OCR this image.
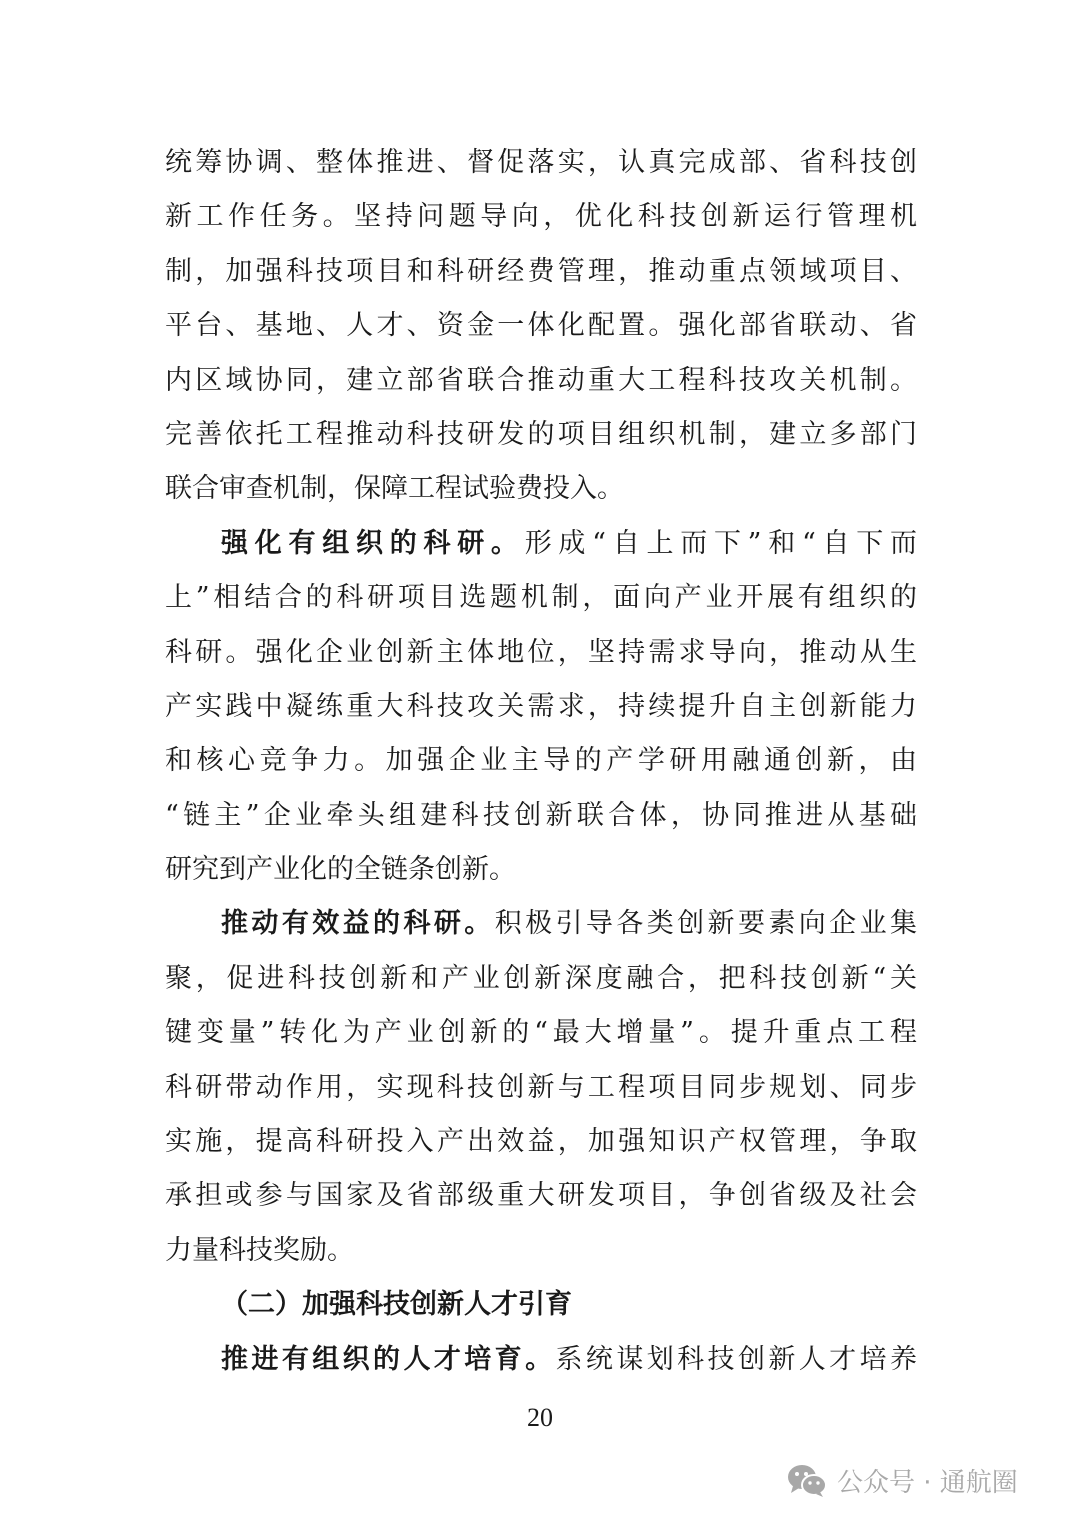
统筹协调、整体推进、督促落实，认真完成部、省科技创
新工作任务。坚持问题导向，优化科技创新运行管理机
制，加强科技项目和科研经费管理，推动重点领域项目、
平台、基地、人才、资金一体化配置。强化部省联动、省
内区域协同，建立部省联合推动重大工程科技攻关机制。
完善依托工程推动科技研发的项目组织机制，建立多部门
联合审查机制，保障工程试验费投入。
强化有组织的科研。形成“自上而下”和“自下而
上”相结合的科研项目选题机制，面向产业开展有组织的
科研。强化企业创新主体地位，坚持需求导向，推动从生
产实践中凝练重大科技攻关需求，持续提升自主创新能力
和核心竞争力。加强企业主导的产学研用融通创新，由
“链主”企业牵头组建科技创新联合体，协同推进从基础
研究到产业化的全链条创新。
推动有效益的科研。积极引导各类创新要素向企业集
聚，促进科技创新和产业创新深度融合，把科技创新“关
键变量”转化为产业创新的“最大增量”。提升重点工程
科研带动作用，实现科技创新与工程项目同步规划、同步
实施，提高科研投入产出效益，加强知识产权管理，争取
承担或参与国家及省部级重大研发项目，争创省级及社会
力量科技奖励。
（二）加强科技创新人才引育
推进有组织的人才培育。系统谋划科技创新人才培养
20
公众号 · 通航圈
